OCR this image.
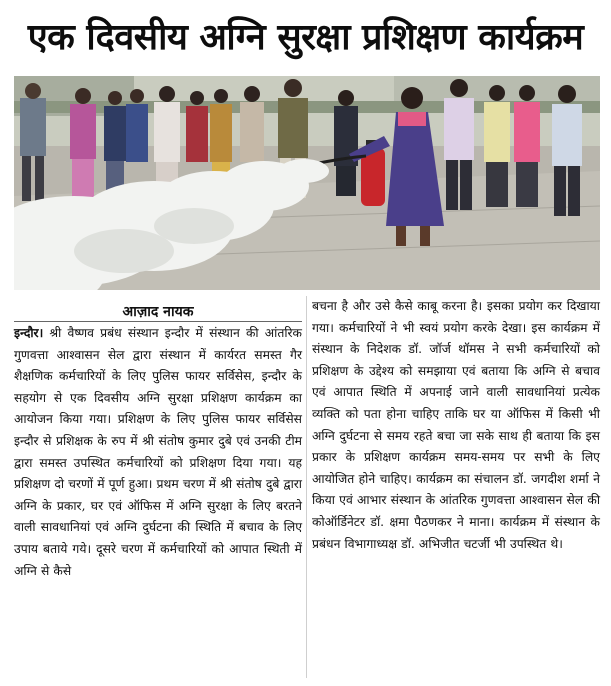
एक दिवसीय अग्नि सुरक्षा प्रशिक्षण कार्यक्रम
आज़ाद नायक
इन्दौर। श्री वैष्णव प्रबंध संस्थान इन्दौर में संस्थान की आंतरिक गुणवत्ता आश्वासन सेल द्वारा संस्थान में कार्यरत समस्त गैर शैक्षणिक कर्मचारियों के लिए पुलिस फायर सर्विसेस, इन्दौर के सहयोग से एक दिवसीय अग्नि सुरक्षा प्रशिक्षण कार्यक्रम का आयोजन किया गया। प्रशिक्षण के लिए पुलिस फायर सर्विसेस इन्दौर से प्रशिक्षक के रुप में श्री संतोष कुमार दुबे एवं उनकी टीम द्वारा समस्त उपस्थित कर्मचारियों को प्रशिक्षण दिया गया। यह प्रशिक्षण दो चरणों में पूर्ण हुआ। प्रथम चरण में श्री संतोष दुबे द्वारा अग्नि के प्रकार, घर एवं ऑफिस में अग्नि सुरक्षा के लिए बरतने वाली सावधानियां एवं अग्नि दुर्घटना की स्थिति में बचाव के लिए उपाय बताये गये। दूसरे चरण में कर्मचारियों को आपात स्थिती में अग्नि से कैसे
बचना है और उसे कैसे काबू करना है। इसका प्रयोग कर दिखाया गया। कर्मचारियों ने भी स्वयं प्रयोग करके देखा। इस कार्यक्रम में संस्थान के निदेशक डॉ. जॉर्ज थॉमस ने सभी कर्मचारियों को प्रशिक्षण के उद्देश्य को समझाया एवं बताया कि अग्नि से बचाव एवं आपात स्थिति में अपनाई जाने वाली सावधानियां प्रत्येक व्यक्ति को पता होना चाहिए ताकि घर या ऑफिस में किसी भी अग्नि दुर्घटना से समय रहते बचा जा सके साथ ही बताया कि इस प्रकार के प्रशिक्षण कार्यक्रम समय-समय पर सभी के लिए आयोजित होने चाहिए। कार्यक्रम का संचालन डॉ. जगदीश शर्मा ने किया एवं आभार संस्थान के आंतरिक गुणवत्ता आश्वासन सेल की कोऑर्डिनेटर डॉ. क्षमा पैठणकर ने माना। कार्यक्रम में संस्थान के प्रबंधन विभागाध्यक्ष डॉ. अभिजीत चटर्जी भी उपस्थित थे।
